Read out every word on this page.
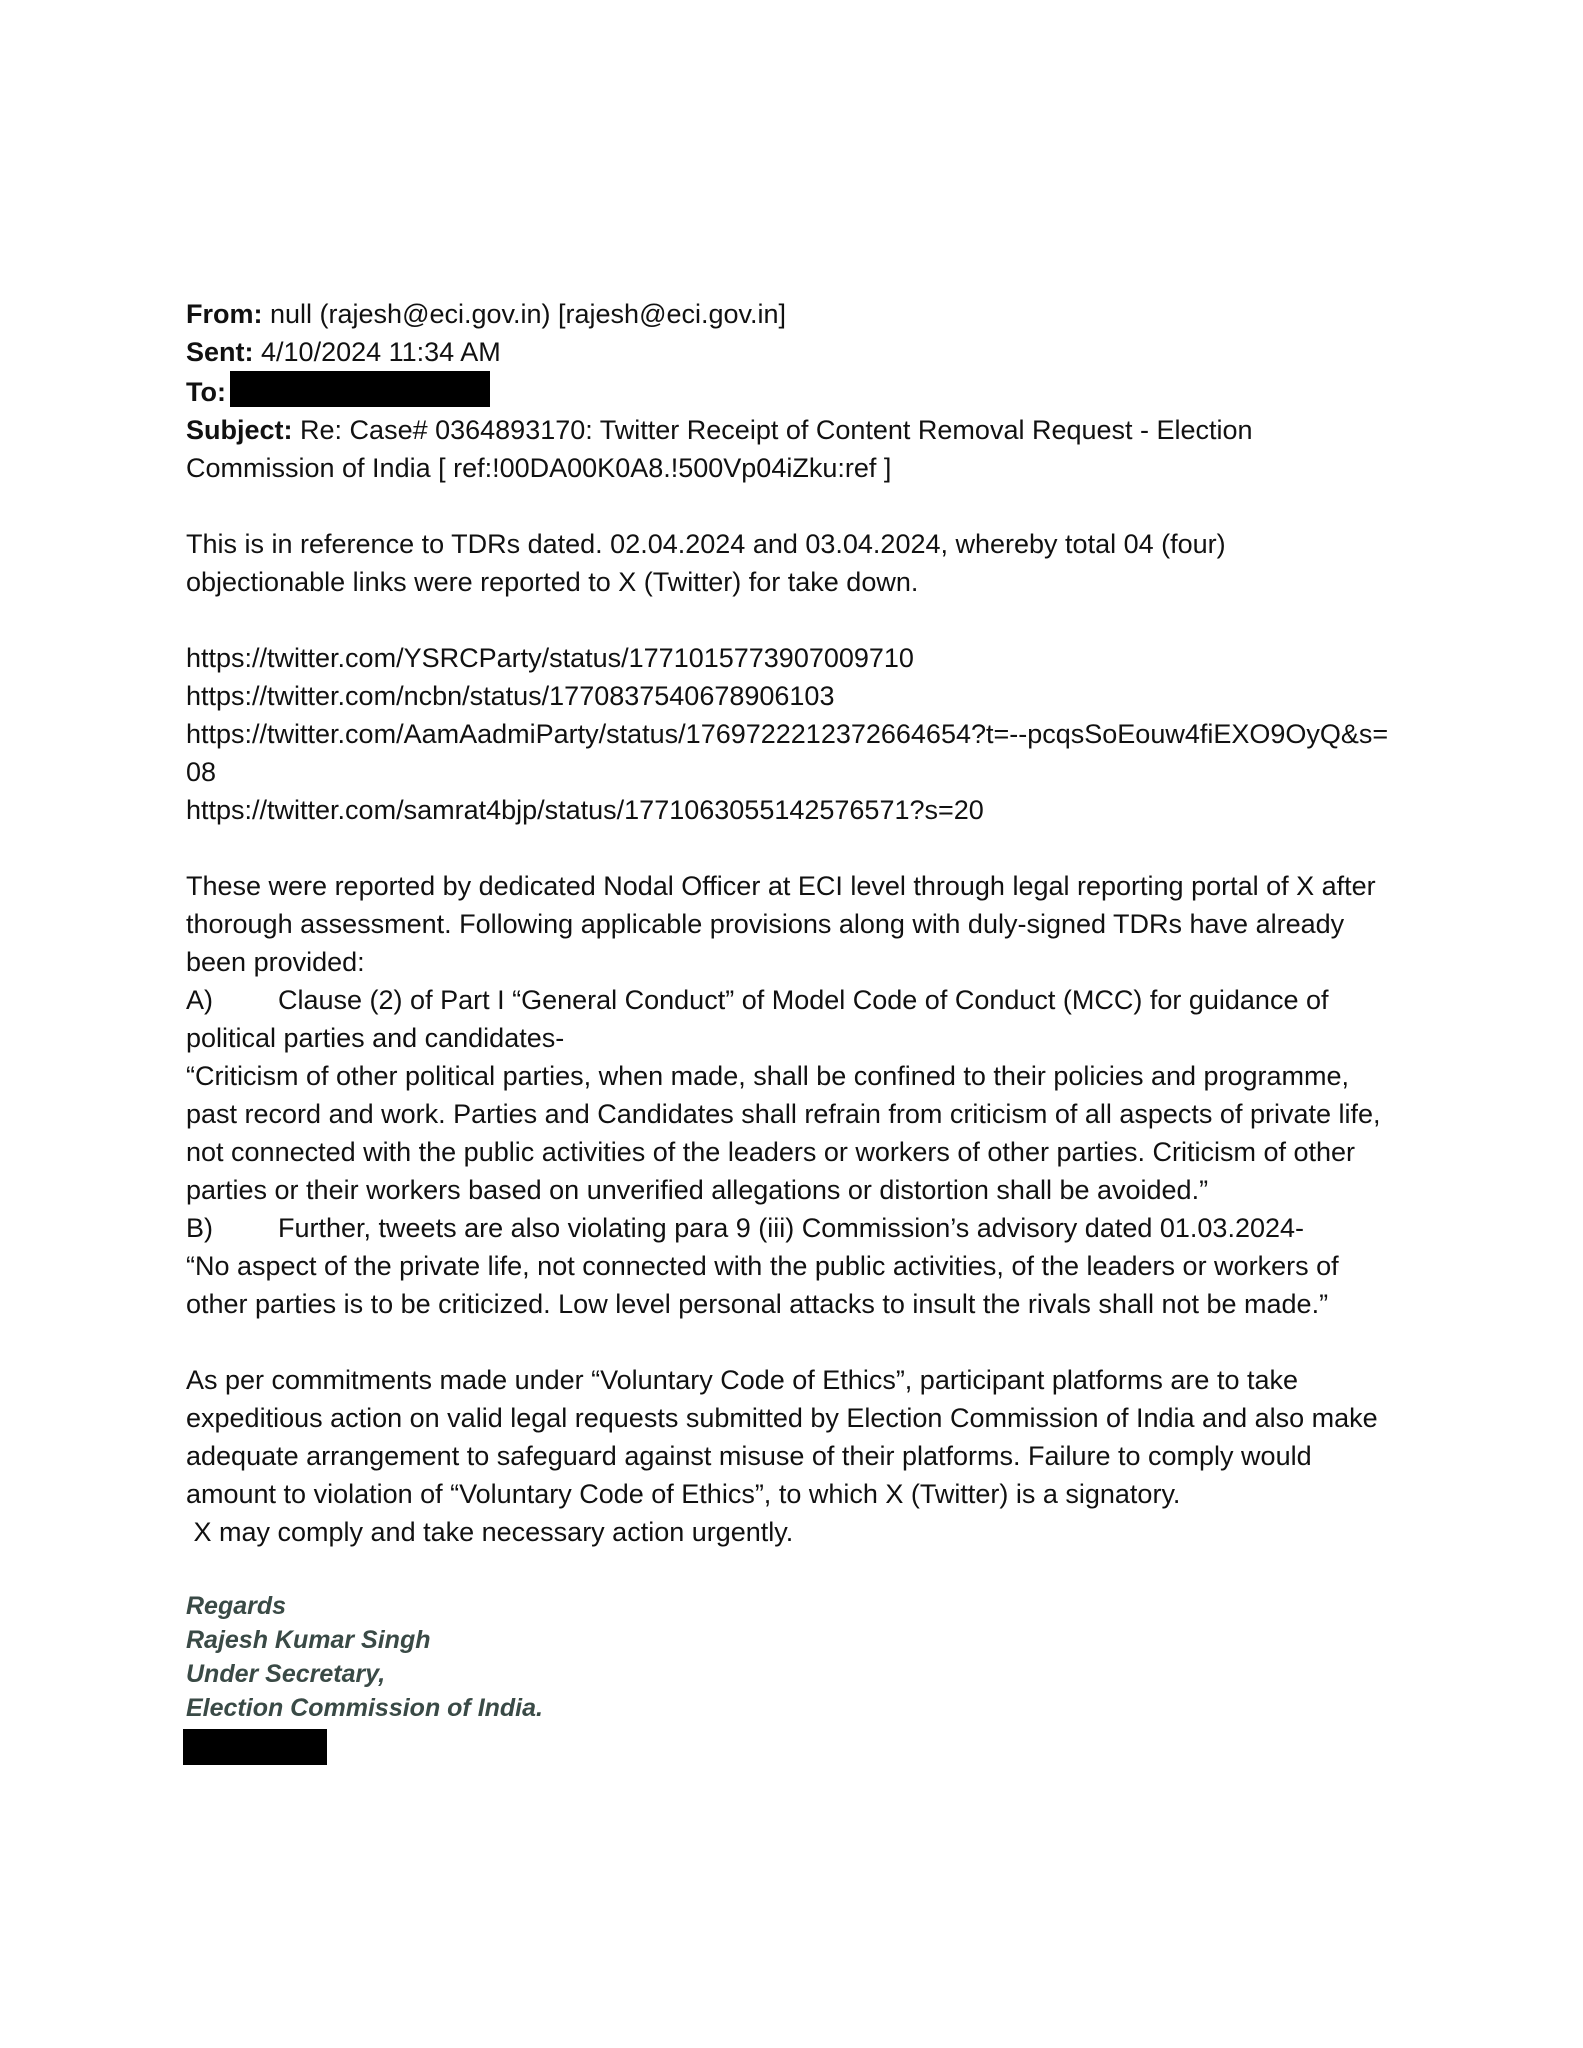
From: null (rajesh@eci.gov.in) [rajesh@eci.gov.in]
Sent: 4/10/2024 11:34 AM
To:
Subject: Re: Case# 0364893170: Twitter Receipt of Content Removal Request - Election
Commission of India [ ref:!00DA00K0A8.!500Vp04iZku:ref ]

This is in reference to TDRs dated. 02.04.2024 and 03.04.2024, whereby total 04 (four) objectionable links were reported to X (Twitter) for take down.

https://twitter.com/YSRCParty/status/1771015773907009710
https://twitter.com/ncbn/status/1770837540678906103
https://twitter.com/AamAadmiParty/status/1769722212372664654?t=--pcqsSoEouw4fiEXO9OyQ&s=08
https://twitter.com/samrat4bjp/status/1771063055142576571?s=20

These were reported by dedicated Nodal Officer at ECI level through legal reporting portal of X after thorough assessment. Following applicable provisions along with duly-signed TDRs have already been provided:

A)	Clause (2) of Part I “General Conduct” of Model Code of Conduct (MCC) for guidance of
political parties and candidates-

“Criticism of other political parties, when made, shall be confined to their policies and programme, past record and work. Parties and Candidates shall refrain from criticism of all aspects of private life, not connected with the public activities of the leaders or workers of other parties. Criticism of other parties or their workers based on unverified allegations or distortion shall be avoided.”

B)	Further, tweets are also violating para 9 (iii) Commission’s advisory dated 01.03.2024-

“No aspect of the private life, not connected with the public activities, of the leaders or workers of other parties is to be criticized. Low level personal attacks to insult the rivals shall not be made.”

As per commitments made under “Voluntary Code of Ethics”, participant platforms are to take expeditious action on valid legal requests submitted by Election Commission of India and also make adequate arrangement to safeguard against misuse of their platforms. Failure to comply would amount to violation of “Voluntary Code of Ethics”, to which X (Twitter) is a signatory.

X may comply and take necessary action urgently.
Regards
Rajesh Kumar Singh
Under Secretary,
Election Commission of India.
